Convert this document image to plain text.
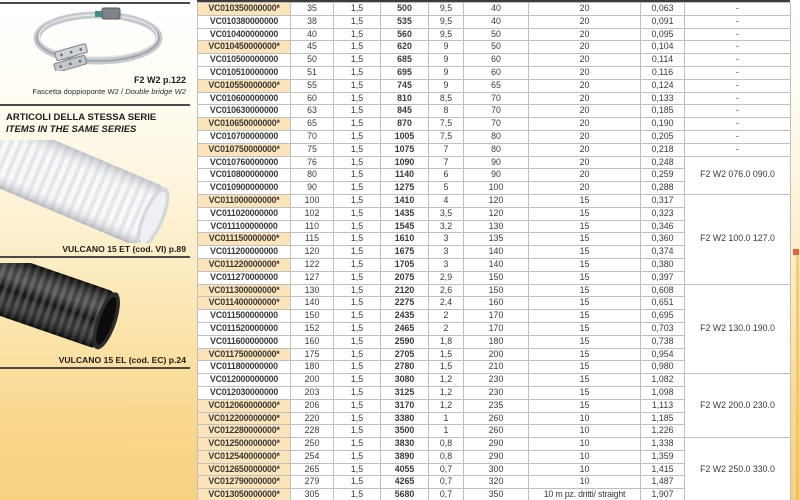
F2 W2 p.122
Fascetta doppioponte W2 / Double bridge W2
ARTICOLI DELLA STESSA SERIE
ITEMS IN THE SAME SERIES
VULCANO 15 ET (cod. VI) p.89
VULCANO 15 EL (cod. EC) p.24
VC010350000000*	35	1,5	500	9,5	40	20	0,063	-
VC010380000000	38	1,5	535	9,5	40	20	0,091	-
VC010400000000	40	1,5	560	9,5	50	20	0,095	-
VC010450000000*	45	1,5	620	9	50	20	0,104	-
VC010500000000	50	1,5	685	9	60	20	0,114	-
VC010510000000	51	1,5	695	9	60	20	0,116	-
VC010550000000*	55	1,5	745	9	65	20	0,124	-
VC010600000000	60	1,5	810	8,5	70	20	0,133	-
VC010630000000	63	1,5	845	8	70	20	0,185	-
VC010650000000*	65	1,5	870	7,5	70	20	0,190	-
VC010700000000	70	1,5	1005	7,5	80	20	0,205	-
VC010750000000*	75	1,5	1075	7	80	20	0,218	-
VC010760000000	76	1,5	1090	7	90	20	0,248	F2 W2 076.0 090.0
VC010800000000	80	1,5	1140	6	90	20	0,259	
VC010900000000	90	1,5	1275	5	100	20	0,288	
VC011000000000*	100	1,5	1410	4	120	15	0,317	F2 W2 100.0 127.0
VC011020000000	102	1,5	1435	3,5	120	15	0,323	
VC011100000000	110	1,5	1545	3,2	130	15	0,346	
VC011150000000*	115	1,5	1610	3	135	15	0,360	
VC011200000000	120	1,5	1675	3	140	15	0,374	
VC011220000000*	122	1,5	1705	3	140	15	0,380	
VC011270000000	127	1,5	2075	2,9	150	15	0,397	
VC011300000000*	130	1,5	2120	2,6	150	15	0,608	F2 W2 130.0 190.0
VC011400000000*	140	1,5	2275	2,4	160	15	0,651	
VC011500000000	150	1,5	2435	2	170	15	0,695	
VC011520000000	152	1,5	2465	2	170	15	0,703	
VC011600000000	160	1,5	2590	1,8	180	15	0,738	
VC011750000000*	175	1,5	2705	1,5	200	15	0,954	
VC011800000000	180	1,5	2780	1,5	210	15	0,980	
VC012000000000	200	1,5	3080	1,2	230	15	1,082	F2 W2 200.0 230.0
VC012030000000	203	1,5	3125	1,2	230	15	1,098	
VC012060000000*	206	1,5	3170	1,2	235	15	1,113	
VC012200000000*	220	1,5	3380	1	260	10	1,185	
VC012280000000*	228	1,5	3500	1	260	10	1,226	
VC012500000000*	250	1,5	3830	0,8	290	10	1,338	F2 W2 250.0 330.0
VC012540000000*	254	1,5	3890	0,8	290	10	1,359	
VC012650000000*	265	1,5	4055	0,7	300	10	1,415	
VC012790000000*	279	1,5	4265	0,7	320	10	1,487	
VC013050000000*	305	1,5	5680	0,7	350	10 m pz. dritti/ straight	1,907	
